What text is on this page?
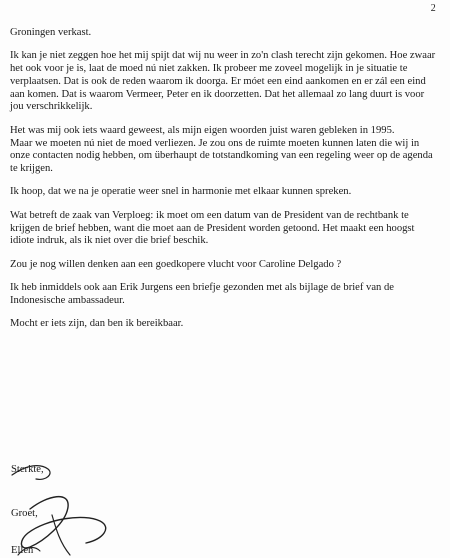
2

Groningen verkast.

Ik kan je niet zeggen hoe het mij spijt dat wij nu weer in zo'n clash terecht zijn gekomen. Hoe zwaar het ook voor je is, laat de moed nú niet zakken. Ik probeer me zoveel mogelijk in je situatie te verplaatsen. Dat is ook de reden waarom ik doorga. Er móet een eind aankomen en er zál een eind aan komen. Dat is waarom Vermeer, Peter en ik doorzetten. Dat het allemaal zo lang duurt is voor jou verschrikkelijk.

Het was mij ook iets waard geweest, als mijn eigen woorden juist waren gebleken in 1995.

Maar we moeten nú niet de moed verliezen. Je zou ons de ruimte moeten kunnen laten die wij in onze contacten nodig hebben, om überhaupt de totstandkoming van een regeling weer op de agenda te krijgen.

Ik hoop, dat we na je operatie weer snel in harmonie met elkaar kunnen spreken.

Wat betreft de zaak van Verploeg: ik moet om een datum van de President van de rechtbank te krijgen de brief hebben, want die moet aan de President worden getoond. Het maakt een hoogst idiote indruk, als ik niet over die brief beschik.

Zou je nog willen denken aan een goedkopere vlucht voor Caroline Delgado ?

Ik heb inmiddels ook aan Erik Jurgens een briefje gezonden met als bijlage de brief van de Indonesische ambassadeur.

Mocht er iets zijn, dan ben ik bereikbaar.

Sterkte,
Groet,
Ellen
